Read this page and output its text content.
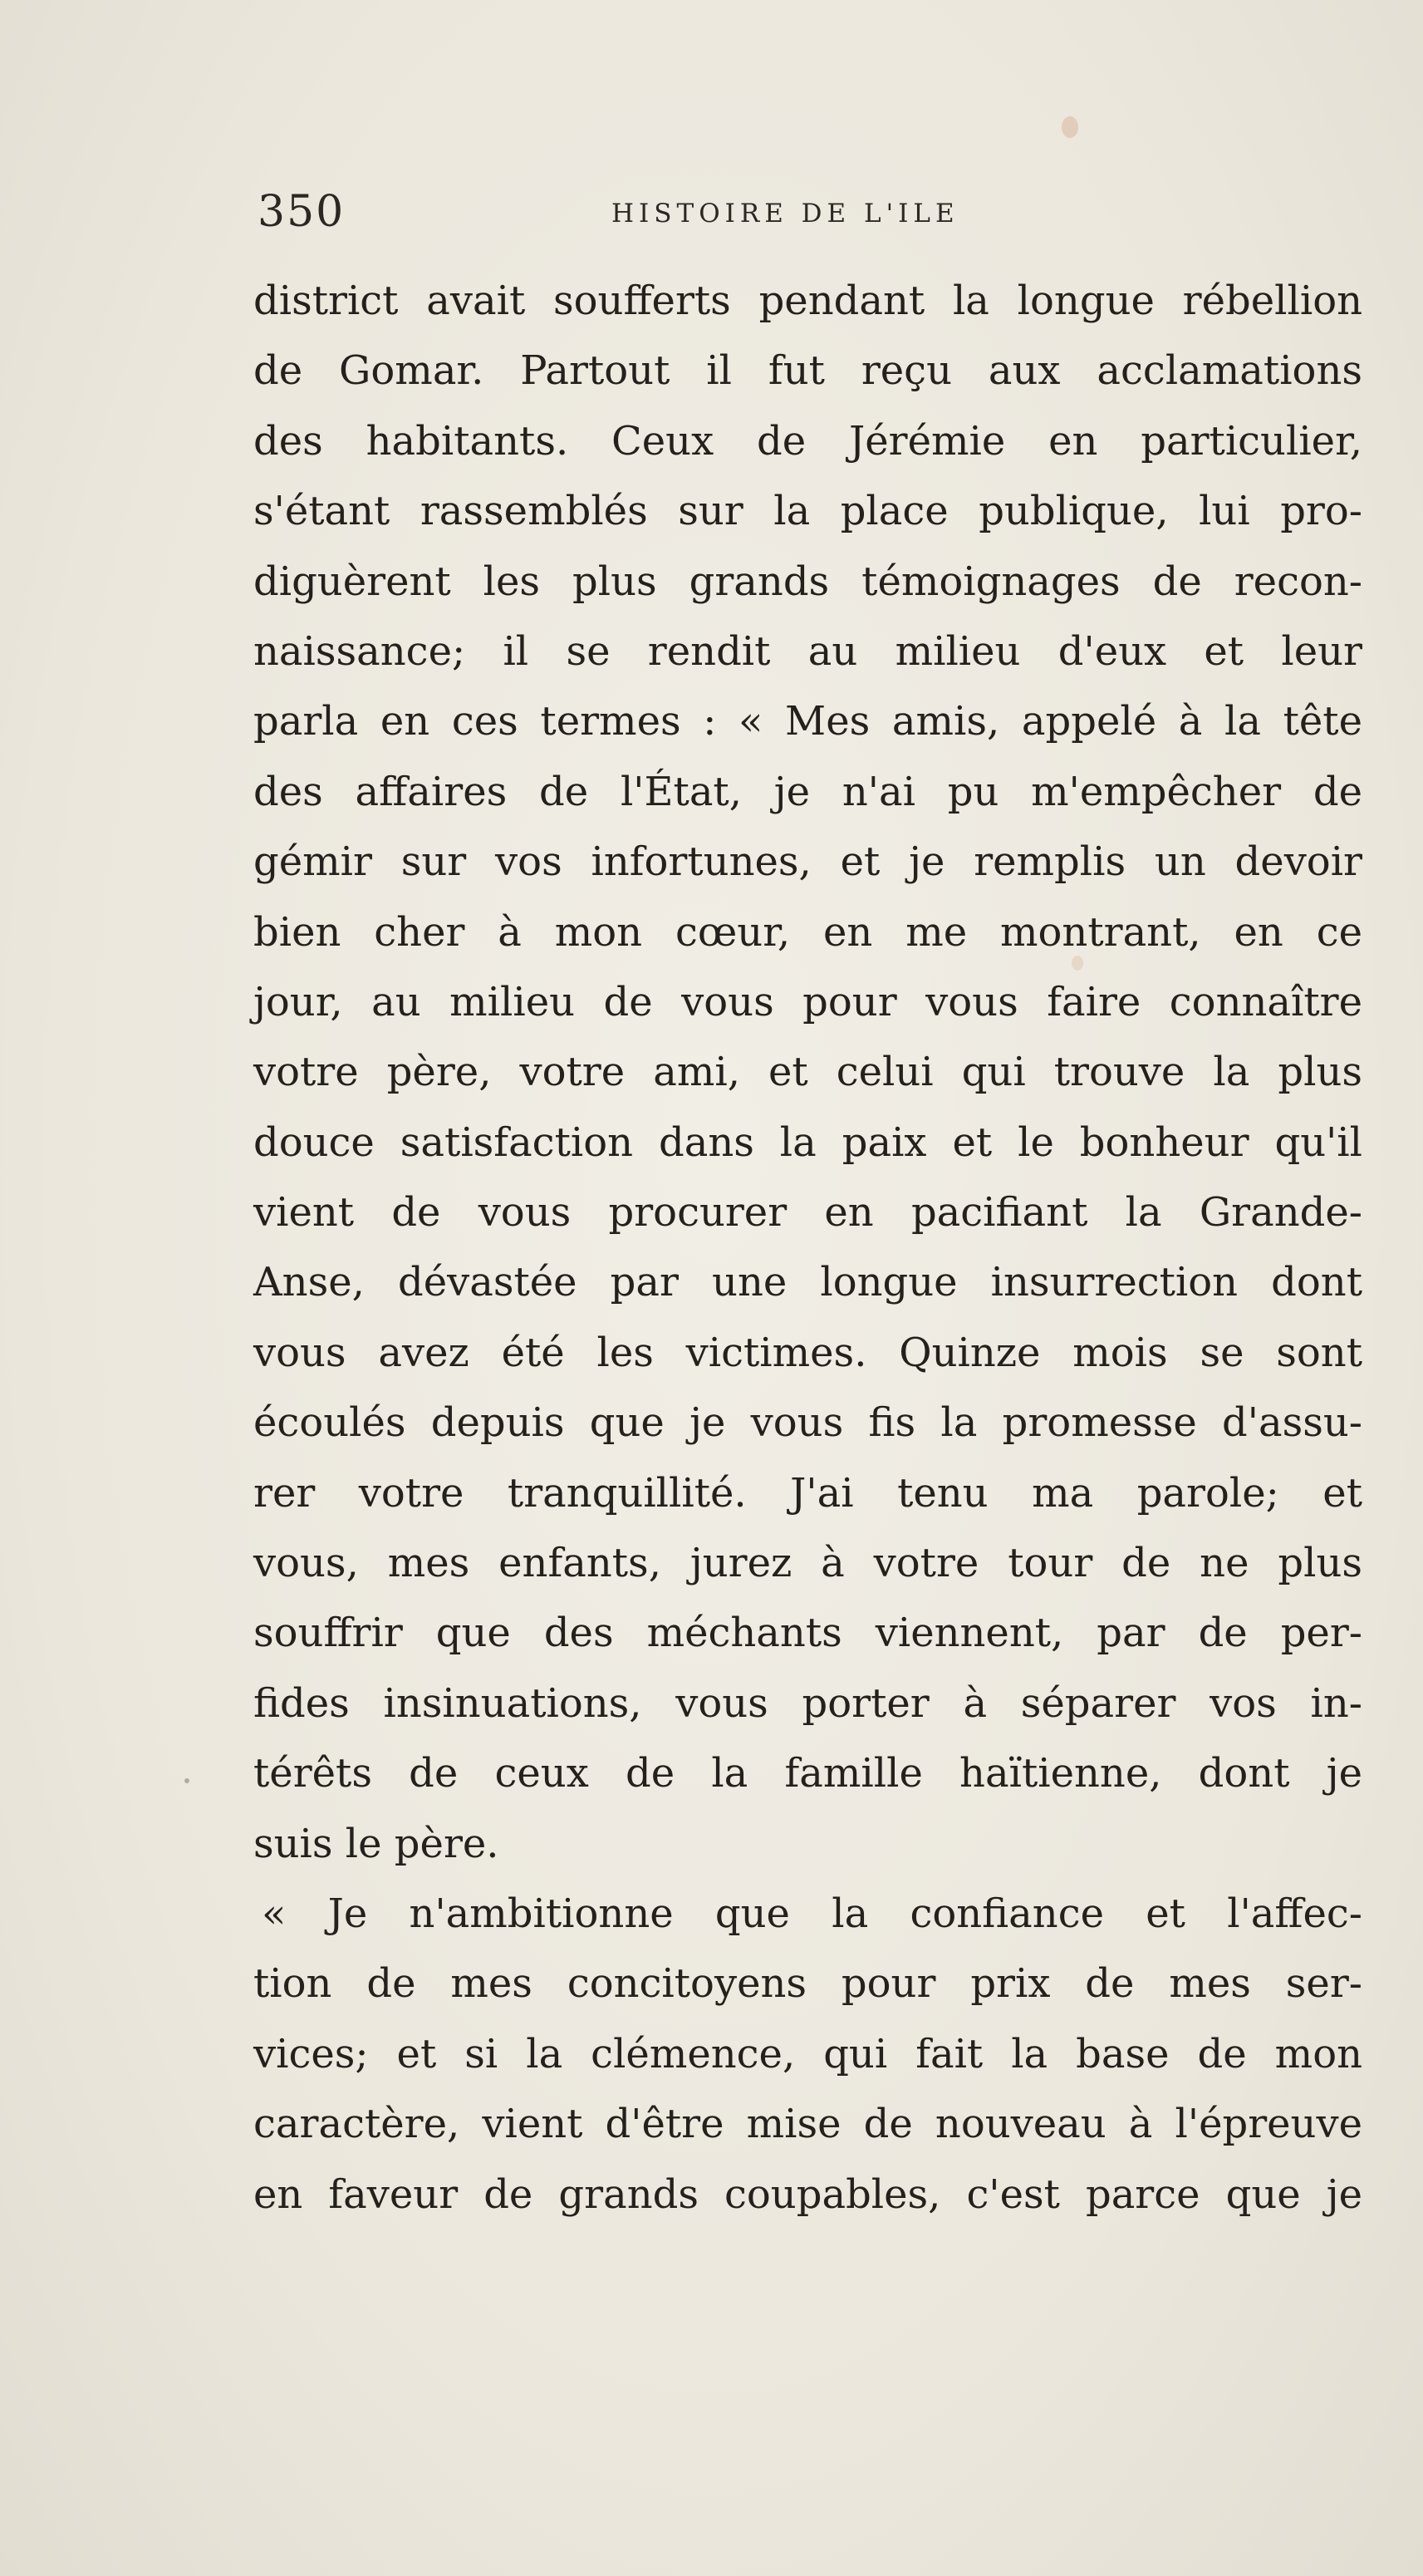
350	HISTOIRE DE L'ILE
district avait soufferts pendant la longue rébellion
de Gomar. Partout il fut reçu aux acclamations
des habitants. Ceux de Jérémie en particulier,
s'étant rassemblés sur la place publique, lui pro-
diguèrent les plus grands témoignages de recon-
naissance; il se rendit au milieu d'eux et leur
parla en ces termes : « Mes amis, appelé à la tête
des affaires de l'État, je n'ai pu m'empêcher de
gémir sur vos infortunes, et je remplis un devoir
bien cher à mon cœur, en me montrant, en ce
jour, au milieu de vous pour vous faire connaître
votre père, votre ami, et celui qui trouve la plus
douce satisfaction dans la paix et le bonheur qu'il
vient de vous procurer en pacifiant la Grande-
Anse, dévastée par une longue insurrection dont
vous avez été les victimes. Quinze mois se sont
écoulés depuis que je vous fis la promesse d'assu-
rer votre tranquillité. J'ai tenu ma parole; et
vous, mes enfants, jurez à votre tour de ne plus
souffrir que des méchants viennent, par de per-
fides insinuations, vous porter à séparer vos in-
térêts de ceux de la famille haïtienne, dont je
suis le père.
« Je n'ambitionne que la confiance et l'affec-
tion de mes concitoyens pour prix de mes ser-
vices; et si la clémence, qui fait la base de mon
caractère, vient d'être mise de nouveau à l'épreuve
en faveur de grands coupables, c'est parce que je
